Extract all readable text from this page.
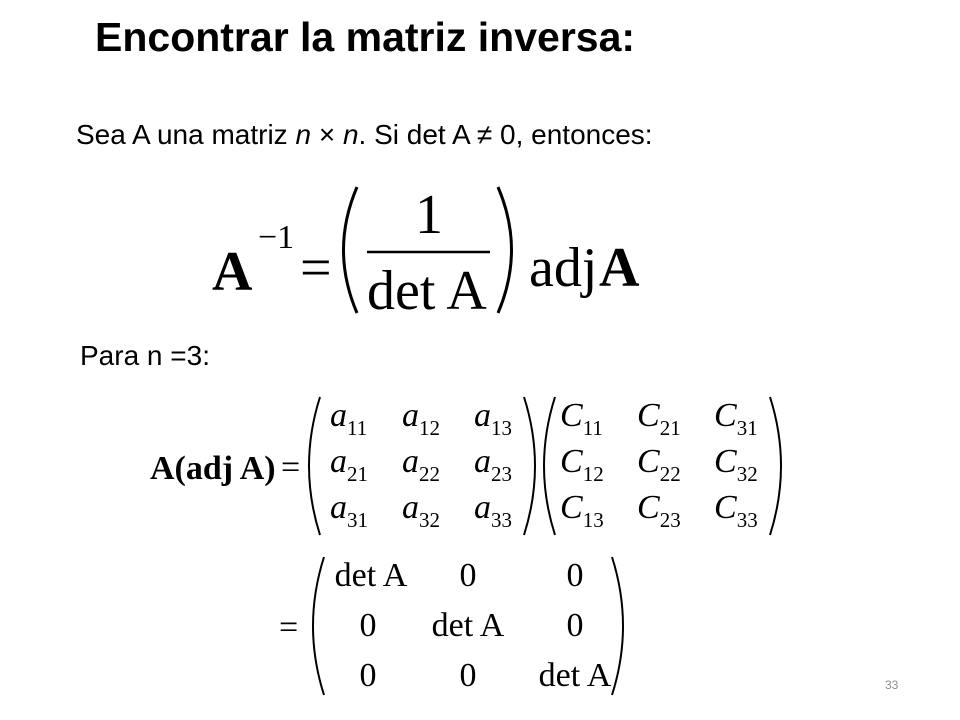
Encontrar la matriz inversa:
Sea A una matriz n × n. Si det A ≠ 0, entonces:
Para n =3:
33
A
−1 =
1
det A adj A
A(adj A) =
$a_{11}$ $a_{12}$ $a_{13}$
$a_{21}$ $a_{22}$ $a_{23}$
$a_{31}$ $a_{32}$ $a_{33}$
$C_{11}$ $C_{21}$ $C_{31}$
$C_{12}$ $C_{22}$ $C_{32}$
$C_{13}$ $C_{23}$ $C_{33}$
=
det A 0	0
0 det A 0
0 0 det A
